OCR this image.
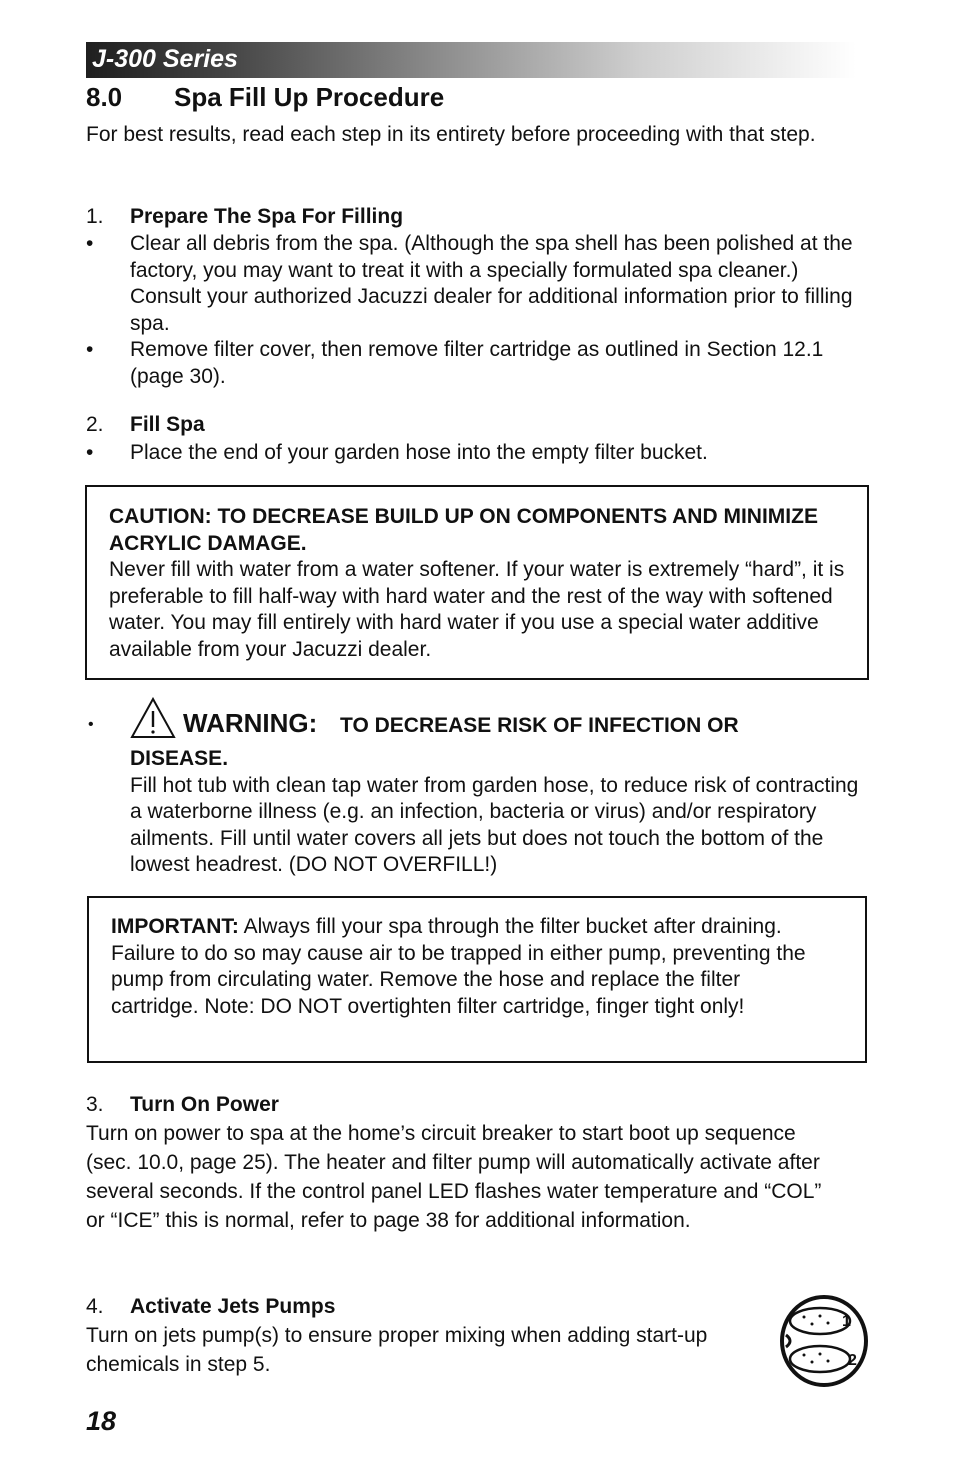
J-300 Series
8.0 Spa Fill Up Procedure
For best results, read each step in its entirety before proceeding with that step.
1. Prepare The Spa For Filling
• Clear all debris from the spa. (Although the spa shell has been polished at the factory, you may want to treat it with a specially formulated spa cleaner.) Consult your authorized Jacuzzi dealer for additional information prior to filling spa.
• Remove filter cover, then remove filter cartridge as outlined in Section 12.1 (page 30).
2. Fill Spa
• Place the end of your garden hose into the empty filter bucket.
CAUTION: TO DECREASE BUILD UP ON COMPONENTS AND MINIMIZE ACRYLIC DAMAGE.
Never fill with water from a water softener. If your water is extremely “hard”, it is preferable to fill half-way with hard water and the rest of the way with softened water. You may fill entirely with hard water if you use a special water additive available from your Jacuzzi dealer.
•	WARNING: TO DECREASE RISK OF INFECTION OR
DISEASE.
Fill hot tub with clean tap water from garden hose, to reduce risk of contracting a waterborne illness (e.g. an infection, bacteria or virus) and/or respiratory ailments. Fill until water covers all jets but does not touch the bottom of the lowest headrest. (DO NOT OVERFILL!)
IMPORTANT: Always fill your spa through the filter bucket after draining. Failure to do so may cause air to be trapped in either pump, preventing the pump from circulating water. Remove the hose and replace the filter cartridge. Note: DO NOT overtighten filter cartridge, finger tight only!
3. Turn On Power
Turn on power to spa at the home’s circuit breaker to start boot up sequence (sec. 10.0, page 25). The heater and filter pump will automatically activate after several seconds. If the control panel LED flashes water temperature and “COL” or “ICE” this is normal, refer to page 38 for additional information.
4. Activate Jets Pumps
Turn on jets pump(s) to ensure proper mixing when adding start-up chemicals in step 5.
1
2
18
